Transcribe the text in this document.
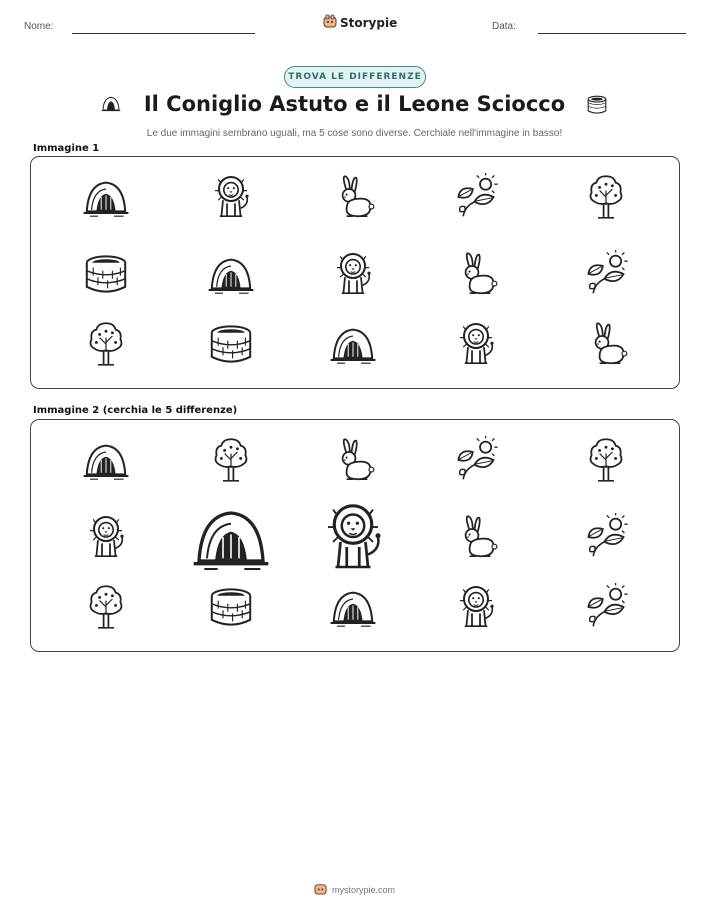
Nome:	Storypie	Data:
TROVA LE DIFFERENZE
Il Coniglio Astuto e il Leone Sciocco
Le due immagini sembrano uguali, ma 5 cose sono diverse. Cerchiale nell'immagine in basso!
Immagine 1
Immagine 2 (cerchia le 5 differenze)
mystorypie.com
